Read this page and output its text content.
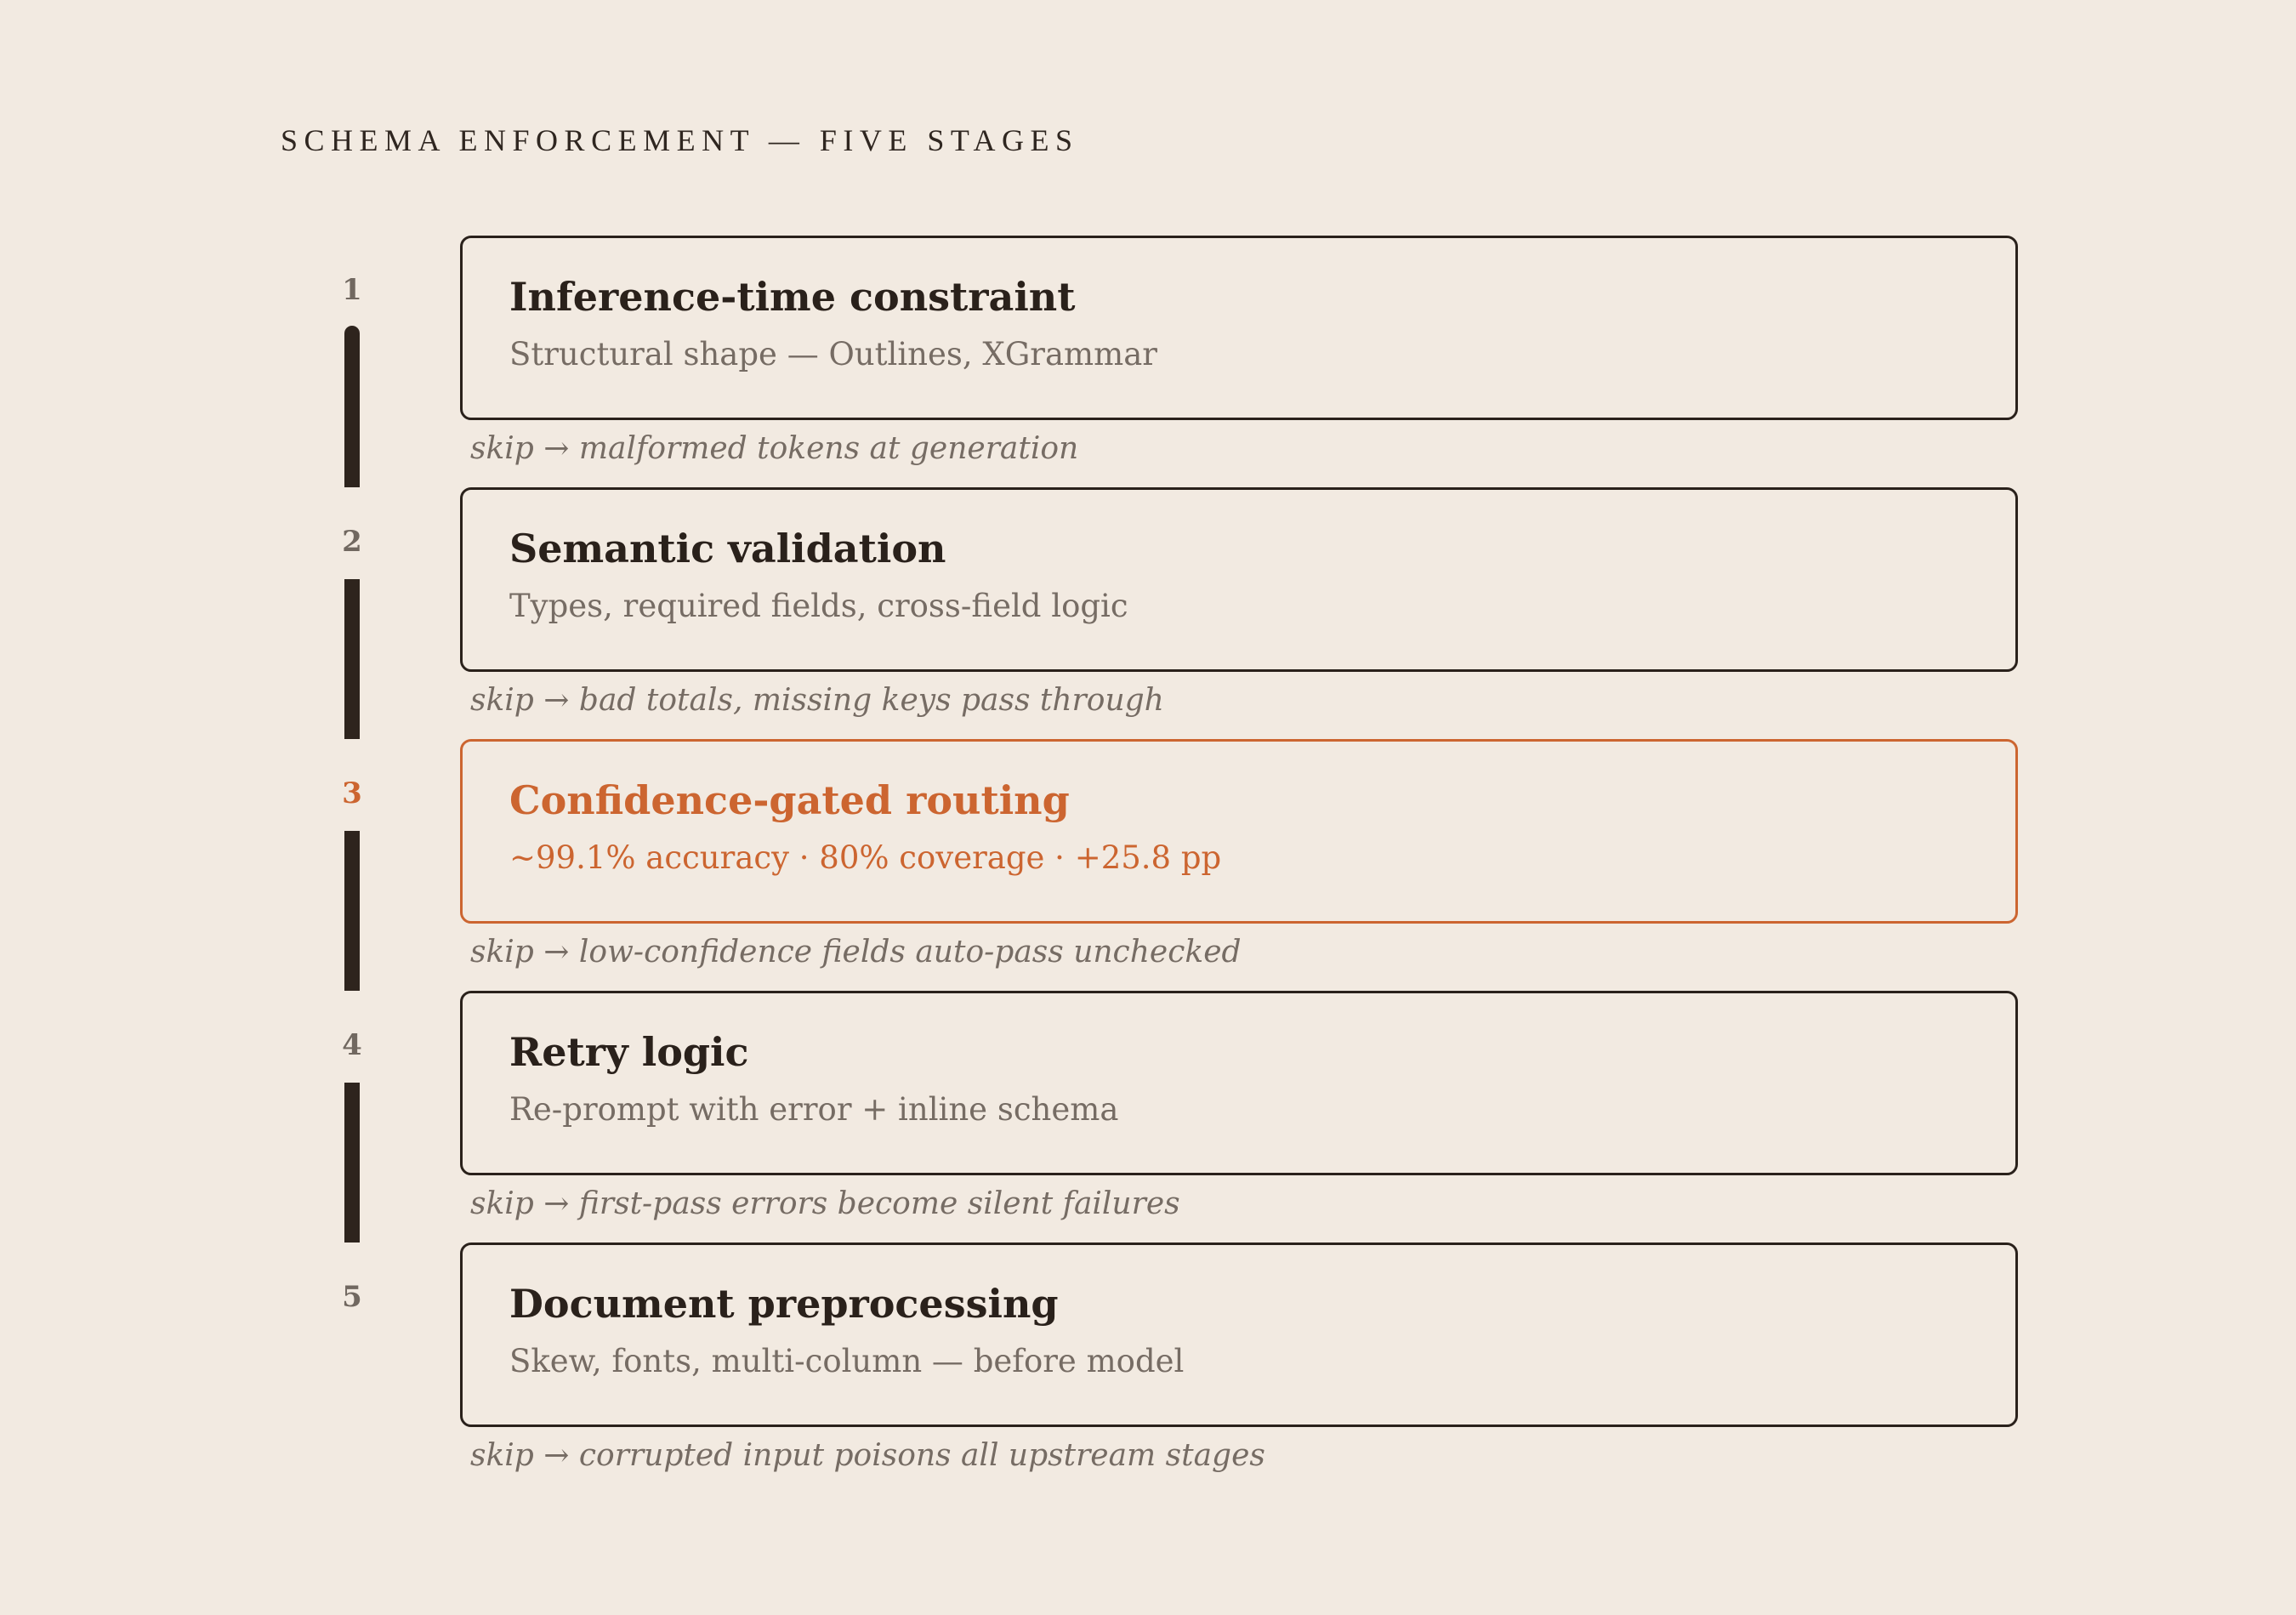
SCHEMA ENFORCEMENT — FIVE STAGES
1	Inference-time constraint
Structural shape — Outlines, XGrammar
skip → malformed tokens at generation
2	Semantic validation
Types, required fields, cross-field logic
skip → bad totals, missing keys pass through
3	Confidence-gated routing
~99.1% accuracy · 80% coverage · +25.8 pp
skip → low-confidence fields auto-pass unchecked
4	Retry logic
Re-prompt with error + inline schema
skip → first-pass errors become silent failures
5	Document preprocessing
Skew, fonts, multi-column — before model
skip → corrupted input poisons all upstream stages
